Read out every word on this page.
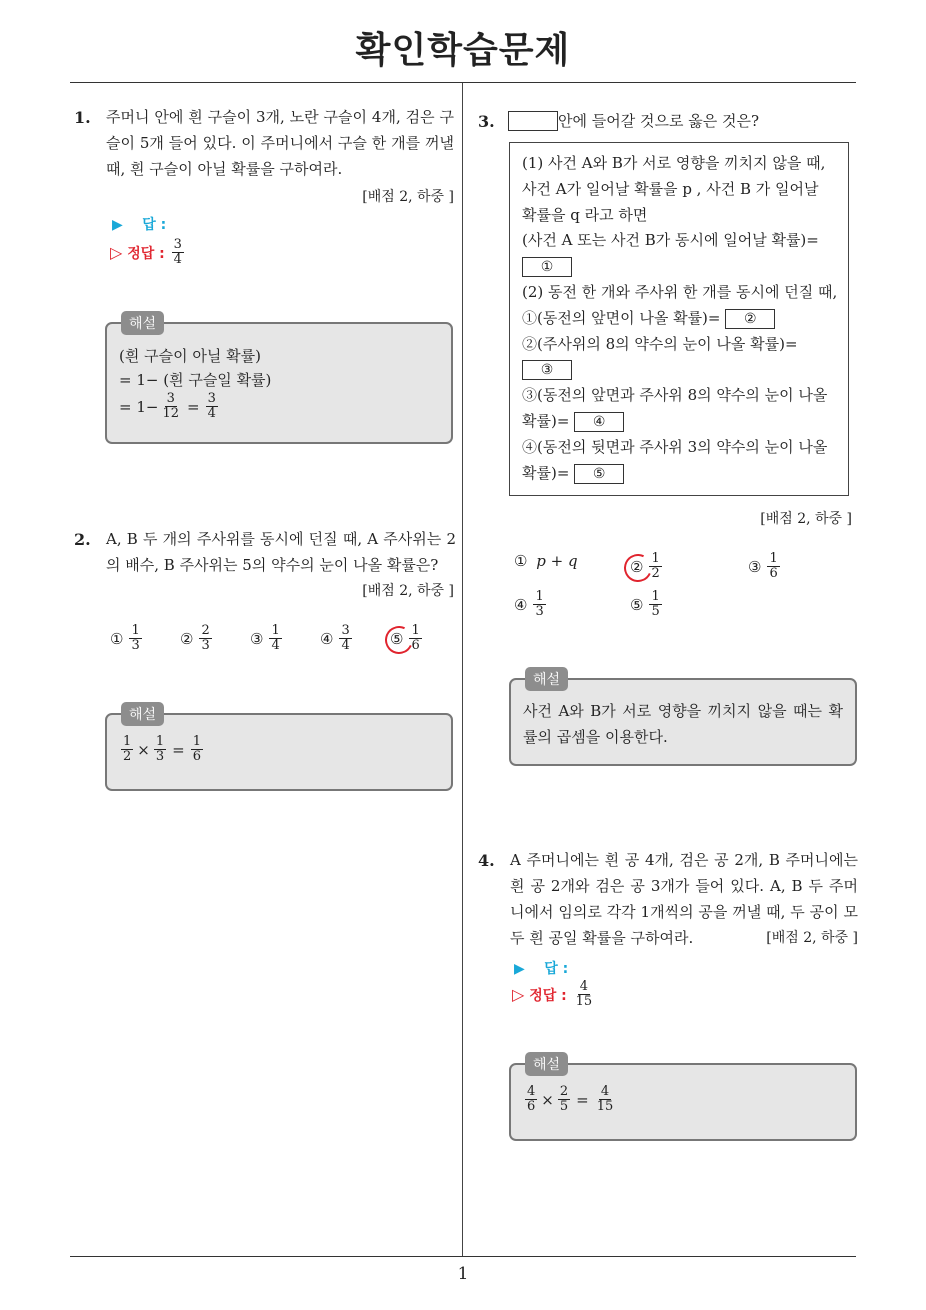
확인학습문제
1. 주머니 안에 흰 구슬이 3개, 노란 구슬이 4개, 검은 구슬이 5개 들어 있다. 이 주머니에서 구슬 한 개를 꺼낼 때, 흰 구슬이 아닐 확률을 구하여라.
[배점 2, 하중 ]
▶ 답 :
▷
정답 :
$\frac{3}{4}$
해설
(흰 구슬이 아닐 확률)
= 1− (흰 구슬일 확률)
= $1- \frac{3}{12} = \frac{3}{4}$
2. A, B 두 개의 주사위를 동시에 던질 때, A 주사위는 2의 배수, B 주사위는 5의 약수의 눈이 나올 확률은?
[배점 2, 하중 ]
① $\frac{1}{3}$	② $\frac{2}{3}$	③ $\frac{1}{4}$	④ $\frac{3}{4}$	⑤ $\frac{1}{6}$
해설
$\frac{1}{2} \times \frac{1}{3} = \frac{1}{6}$
3.	안에 들어갈 것으로 옳은 것은?
(1) 사건 A와 B가 서로 영향을 끼치지 않을 때,
사건 A가 일어날 확률을 p , 사건 B 가 일어날
확률을 q 라고 하면
(사건 A 또는 사건 B가 동시에 일어날 확률)=
①
(2) 동전 한 개와 주사위 한 개를 동시에 던질 때,
①(동전의 앞면이 나올 확률)= ②
②(주사위의 8의 약수의 눈이 나올 확률)=
③
③(동전의 앞면과 주사위 8의 약수의 눈이 나올
확률)= ④
④(동전의 뒷면과 주사위 3의 약수의 눈이 나올
확률)= ⑤
[배점 2, 하중 ]
①
p + q	② $\frac{1}{2}$	③ $\frac{1}{6}$
④ $\frac{1}{3}$	⑤ $\frac{1}{5}$
해설
사건 A와 B가 서로 영향을 끼치지 않을 때는 확률의 곱셈을 이용한다.
4. A 주머니에는 흰 공 4개, 검은 공 2개, B 주머니에는 흰 공 2개와 검은 공 3개가 들어 있다. A, B 두 주머니에서 임의로 각각 1개씩의 공을 꺼낼 때, 두 공이 모두 흰 공일 확률을 구하여라.	[배점 2, 하중 ]
▶ 답 :
▷
정답 :
$\frac{4}{15}$
해설
$\frac{4}{6} \times \frac{2}{5} = \frac{4}{15}$
1
